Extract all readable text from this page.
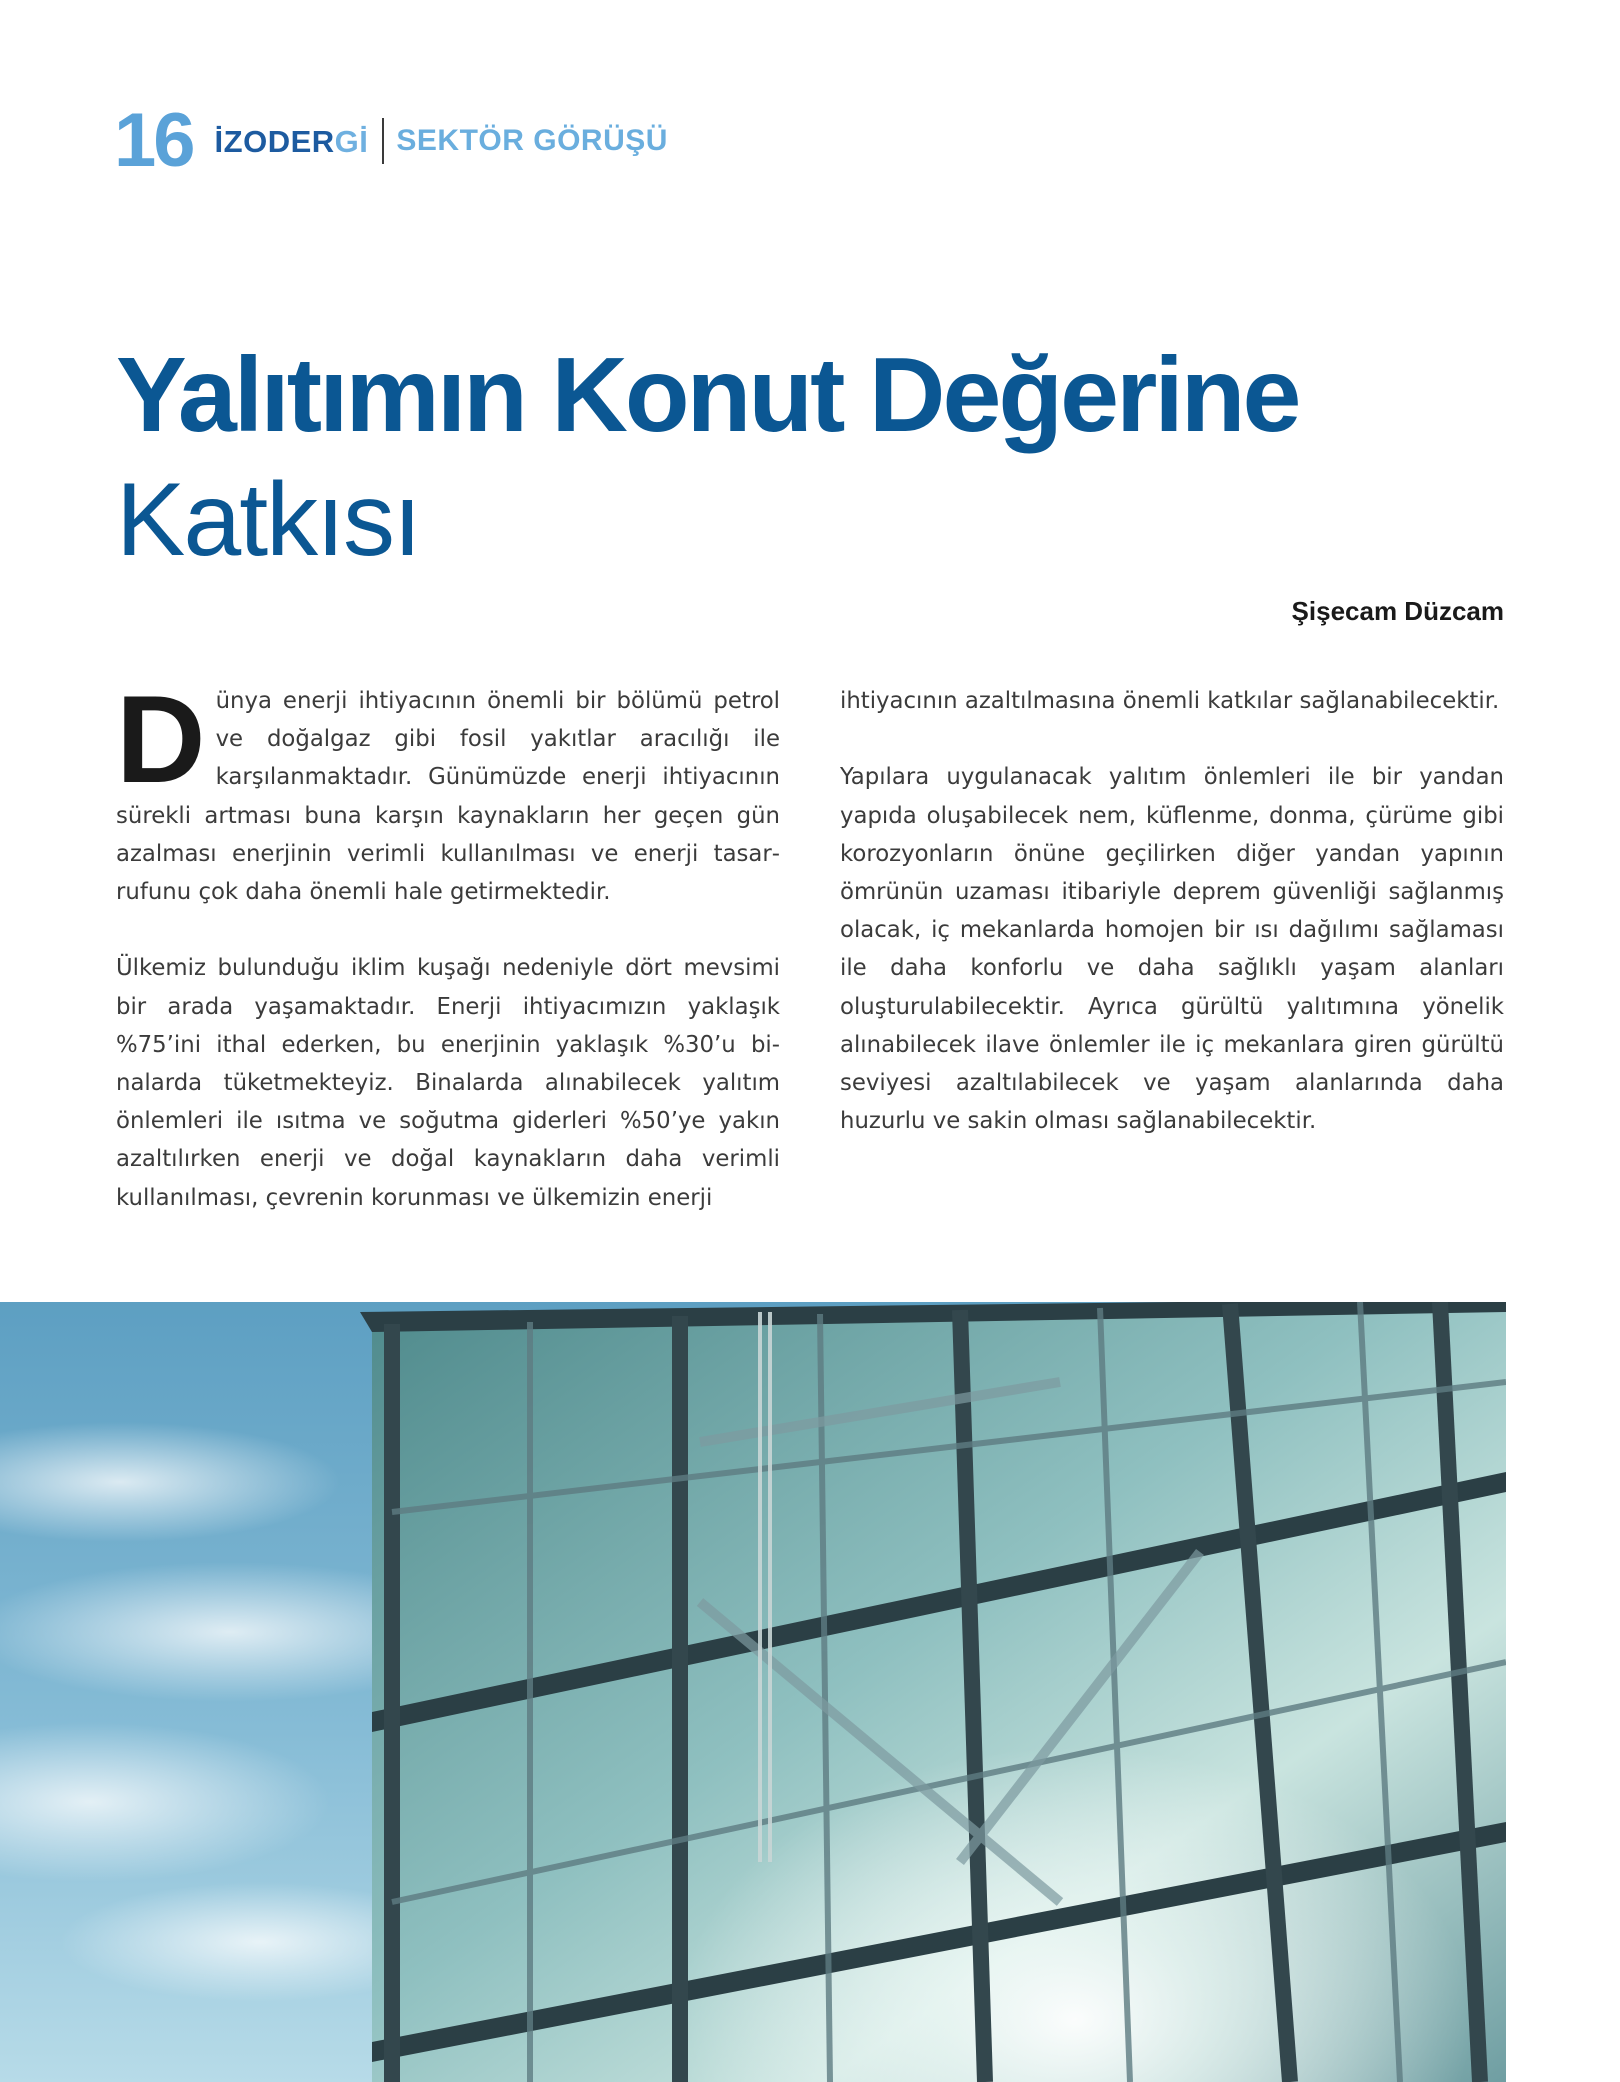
16 İZODERGİ SEKTÖR GÖRÜŞÜ
Yalıtımın Konut Değerine
Katkısı
Şişecam Düzcam

Dünya enerji ihtiyacının önemli bir bölümü petrol ve doğalgaz gibi fosil yakıtlar aracılığı ile karşılanmaktadır. Günümüzde enerji ihtiyacının sürekli artması buna karşın kaynakların her geçen gün azalması enerjinin verimli kullanılması ve enerji tasarrufunu çok daha önemli hale getirmektedir.

Ülkemiz bulunduğu iklim kuşağı nedeniyle dört mevsimi bir arada yaşamaktadır. Enerji ihtiyacımızın yaklaşık %75’ini ithal ederken, bu enerjinin yaklaşık %30’u binalarda tüketmekteyiz. Binalarda alınabilecek yalıtım önlemleri ile ısıtma ve soğutma giderleri %50’ye yakın azaltılırken enerji ve doğal kaynakların daha verimli kullanılması, çevrenin korunması ve ülkemizin enerji

ihtiyacının azaltılmasına önemli katkılar sağlanabilecektir.

Yapılara uygulanacak yalıtım önlemleri ile bir yandan yapıda oluşabilecek nem, küflenme, donma, çürüme gibi korozyonların önüne geçilirken diğer yandan yapının ömrünün uzaması itibariyle deprem güvenliği sağlanmış olacak, iç mekanlarda homojen bir ısı dağılımı sağlaması ile daha konforlu ve daha sağlıklı yaşam alanları oluşturulabilecektir. Ayrıca gürültü yalıtımına yönelik alınabilecek ilave önlemler ile iç mekanlara giren gürültü seviyesi azaltılabilecek ve yaşam alanlarında daha huzurlu ve sakin olması sağlanabilecektir.
